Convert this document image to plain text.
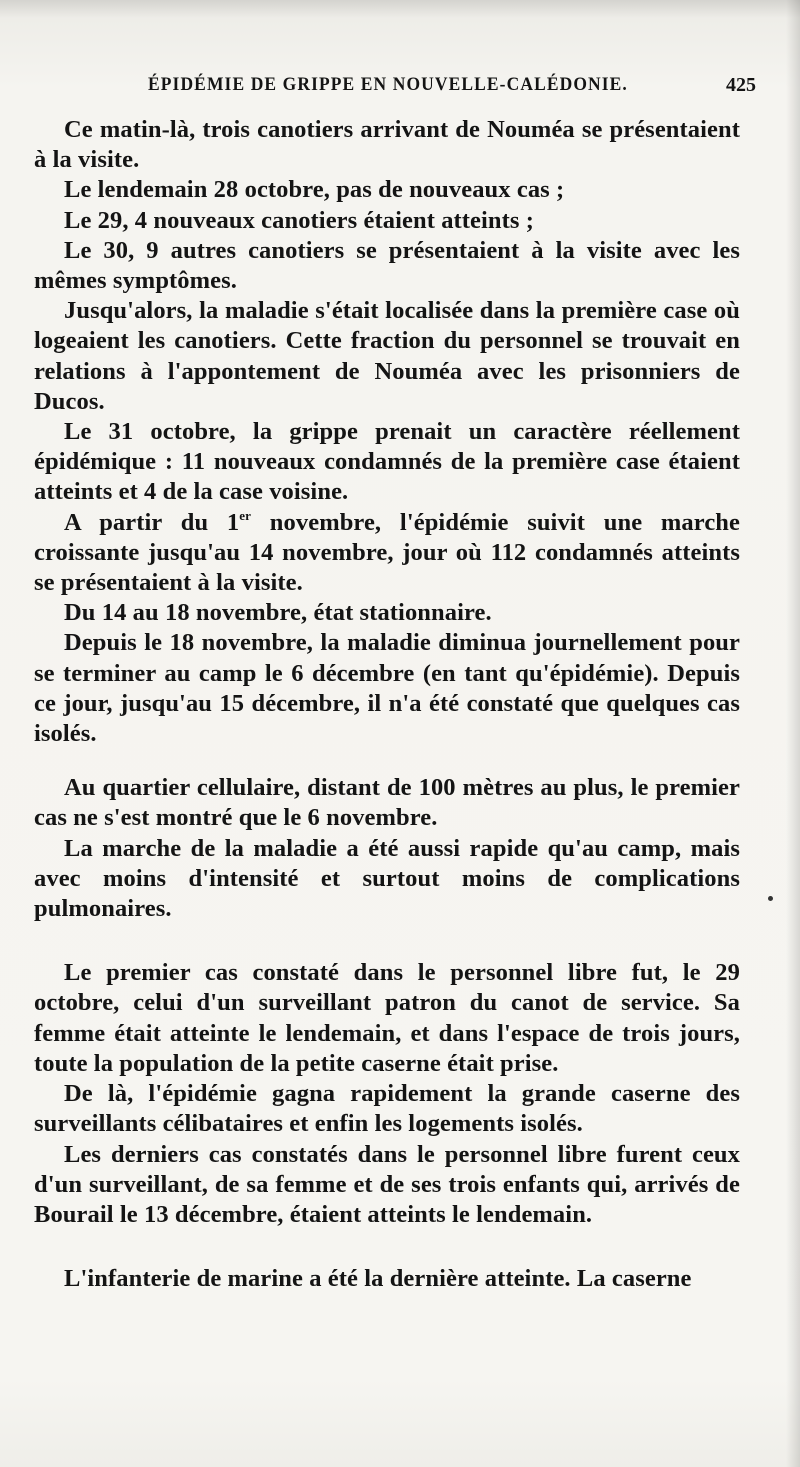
ÉPIDÉMIE DE GRIPPE EN NOUVELLE-CALÉDONIE.	425

Ce matin-là, trois canotiers arrivant de Nouméa se présentaient à la visite.

Le lendemain 28 octobre, pas de nouveaux cas ;

Le 29, 4 nouveaux canotiers étaient atteints ;

Le 30, 9 autres canotiers se présentaient à la visite avec les mêmes symptômes.

Jusqu'alors, la maladie s'était localisée dans la première case où logeaient les canotiers. Cette fraction du personnel se trouvait en relations à l'appontement de Nouméa avec les prisonniers de Ducos.

Le 31 octobre, la grippe prenait un caractère réellement épidémique : 11 nouveaux condamnés de la première case étaient atteints et 4 de la case voisine.

A partir du 1er novembre, l'épidémie suivit une marche croissante jusqu'au 14 novembre, jour où 112 condamnés atteints se présentaient à la visite.

Du 14 au 18 novembre, état stationnaire.

Depuis le 18 novembre, la maladie diminua journellement pour se terminer au camp le 6 décembre (en tant qu'épidémie). Depuis ce jour, jusqu'au 15 décembre, il n'a été constaté que quelques cas isolés.

Au quartier cellulaire, distant de 100 mètres au plus, le premier cas ne s'est montré que le 6 novembre.

La marche de la maladie a été aussi rapide qu'au camp, mais avec moins d'intensité et surtout moins de complications pulmonaires.

Le premier cas constaté dans le personnel libre fut, le 29 octobre, celui d'un surveillant patron du canot de service. Sa femme était atteinte le lendemain, et dans l'espace de trois jours, toute la population de la petite caserne était prise.

De là, l'épidémie gagna rapidement la grande caserne des surveillants célibataires et enfin les logements isolés.

Les derniers cas constatés dans le personnel libre furent ceux d'un surveillant, de sa femme et de ses trois enfants qui, arrivés de Bourail le 13 décembre, étaient atteints le lendemain.

L'infanterie de marine a été la dernière atteinte. La caserne
